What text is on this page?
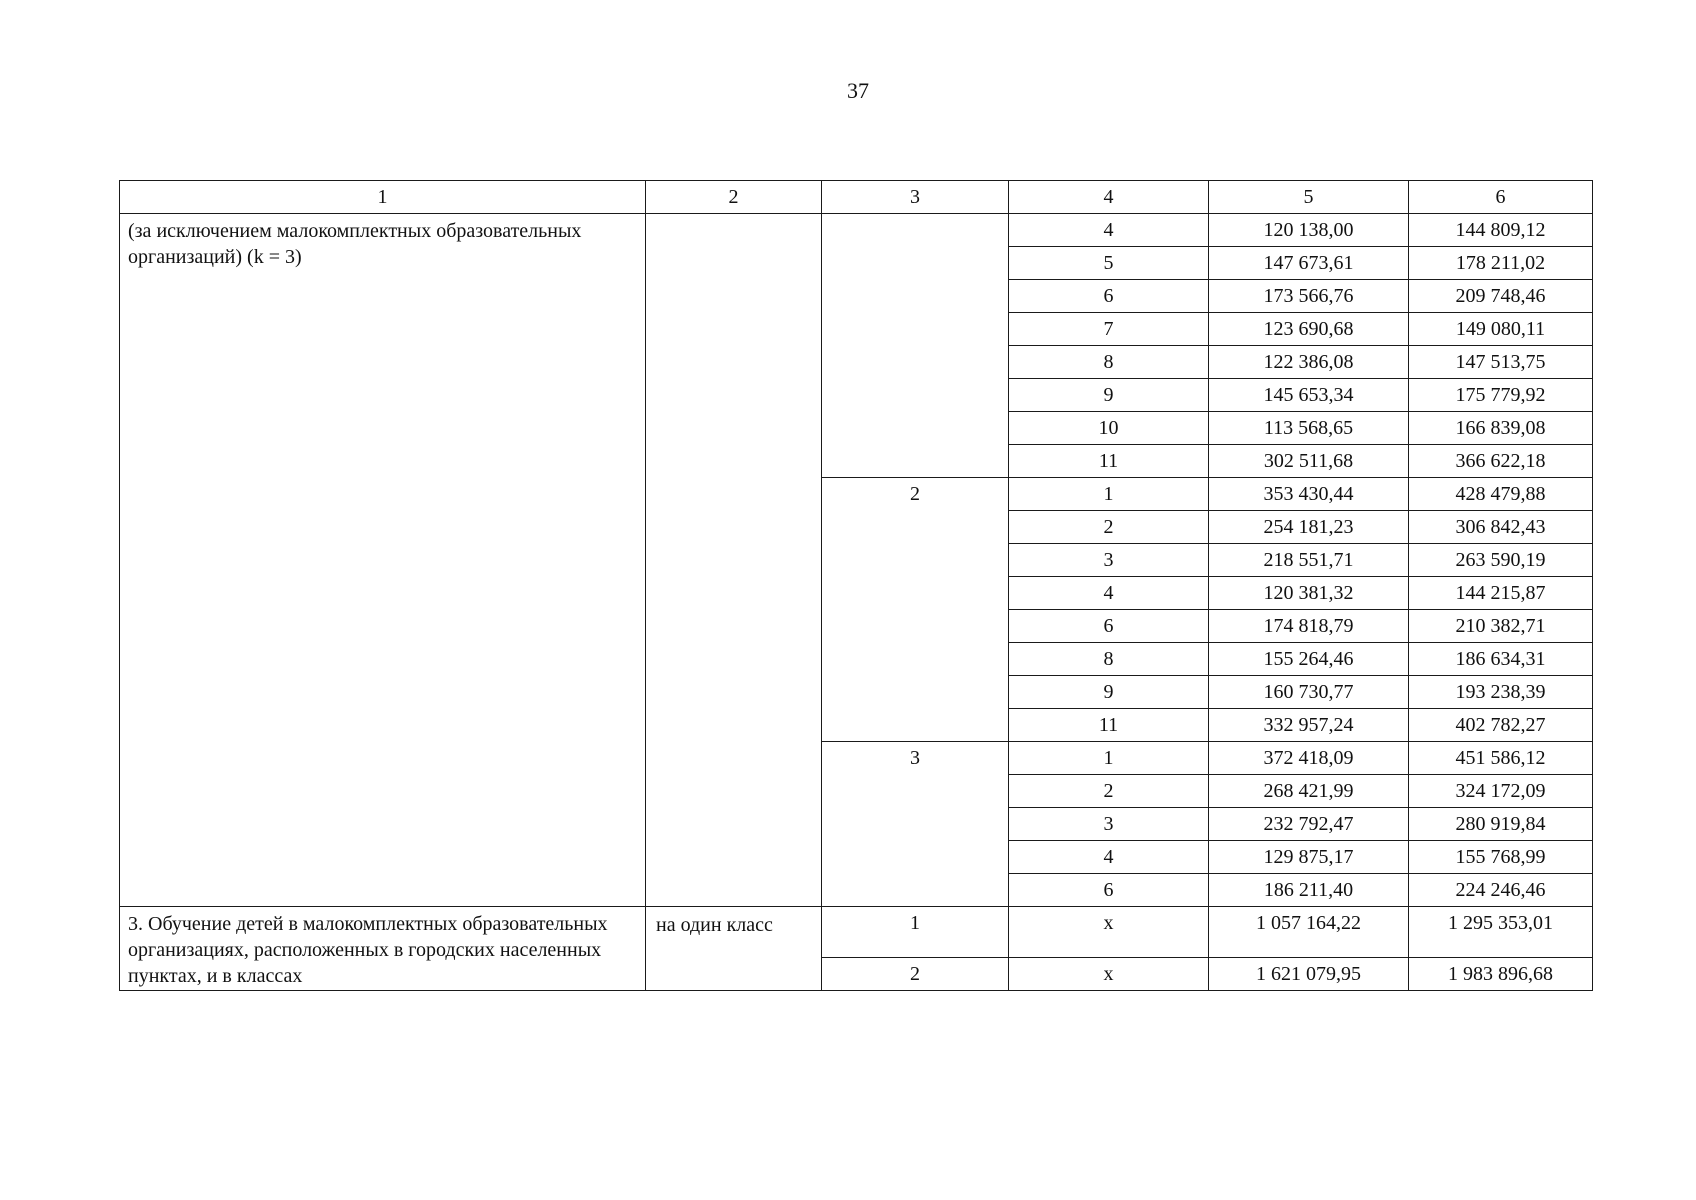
37
1	2	3	4	5	6
(за исключением малокомплектных образовательных организаций) (k = 3)			4	120 138,00	144 809,12
			5	147 673,61	178 211,02
			6	173 566,76	209 748,46
			7	123 690,68	149 080,11
			8	122 386,08	147 513,75
			9	145 653,34	175 779,92
			10	113 568,65	166 839,08
			11	302 511,68	366 622,18
		2	1	353 430,44	428 479,88
			2	254 181,23	306 842,43
			3	218 551,71	263 590,19
			4	120 381,32	144 215,87
			6	174 818,79	210 382,71
			8	155 264,46	186 634,31
			9	160 730,77	193 238,39
			11	332 957,24	402 782,27
		3	1	372 418,09	451 586,12
			2	268 421,99	324 172,09
			3	232 792,47	280 919,84
			4	129 875,17	155 768,99
			6	186 211,40	224 246,46
3. Обучение детей в малокомплектных образовательных организациях, расположенных в городских населенных пунктах, и в классах	на один класс	1	x	1 057 164,22	1 295 353,01
		2	x	1 621 079,95	1 983 896,68
